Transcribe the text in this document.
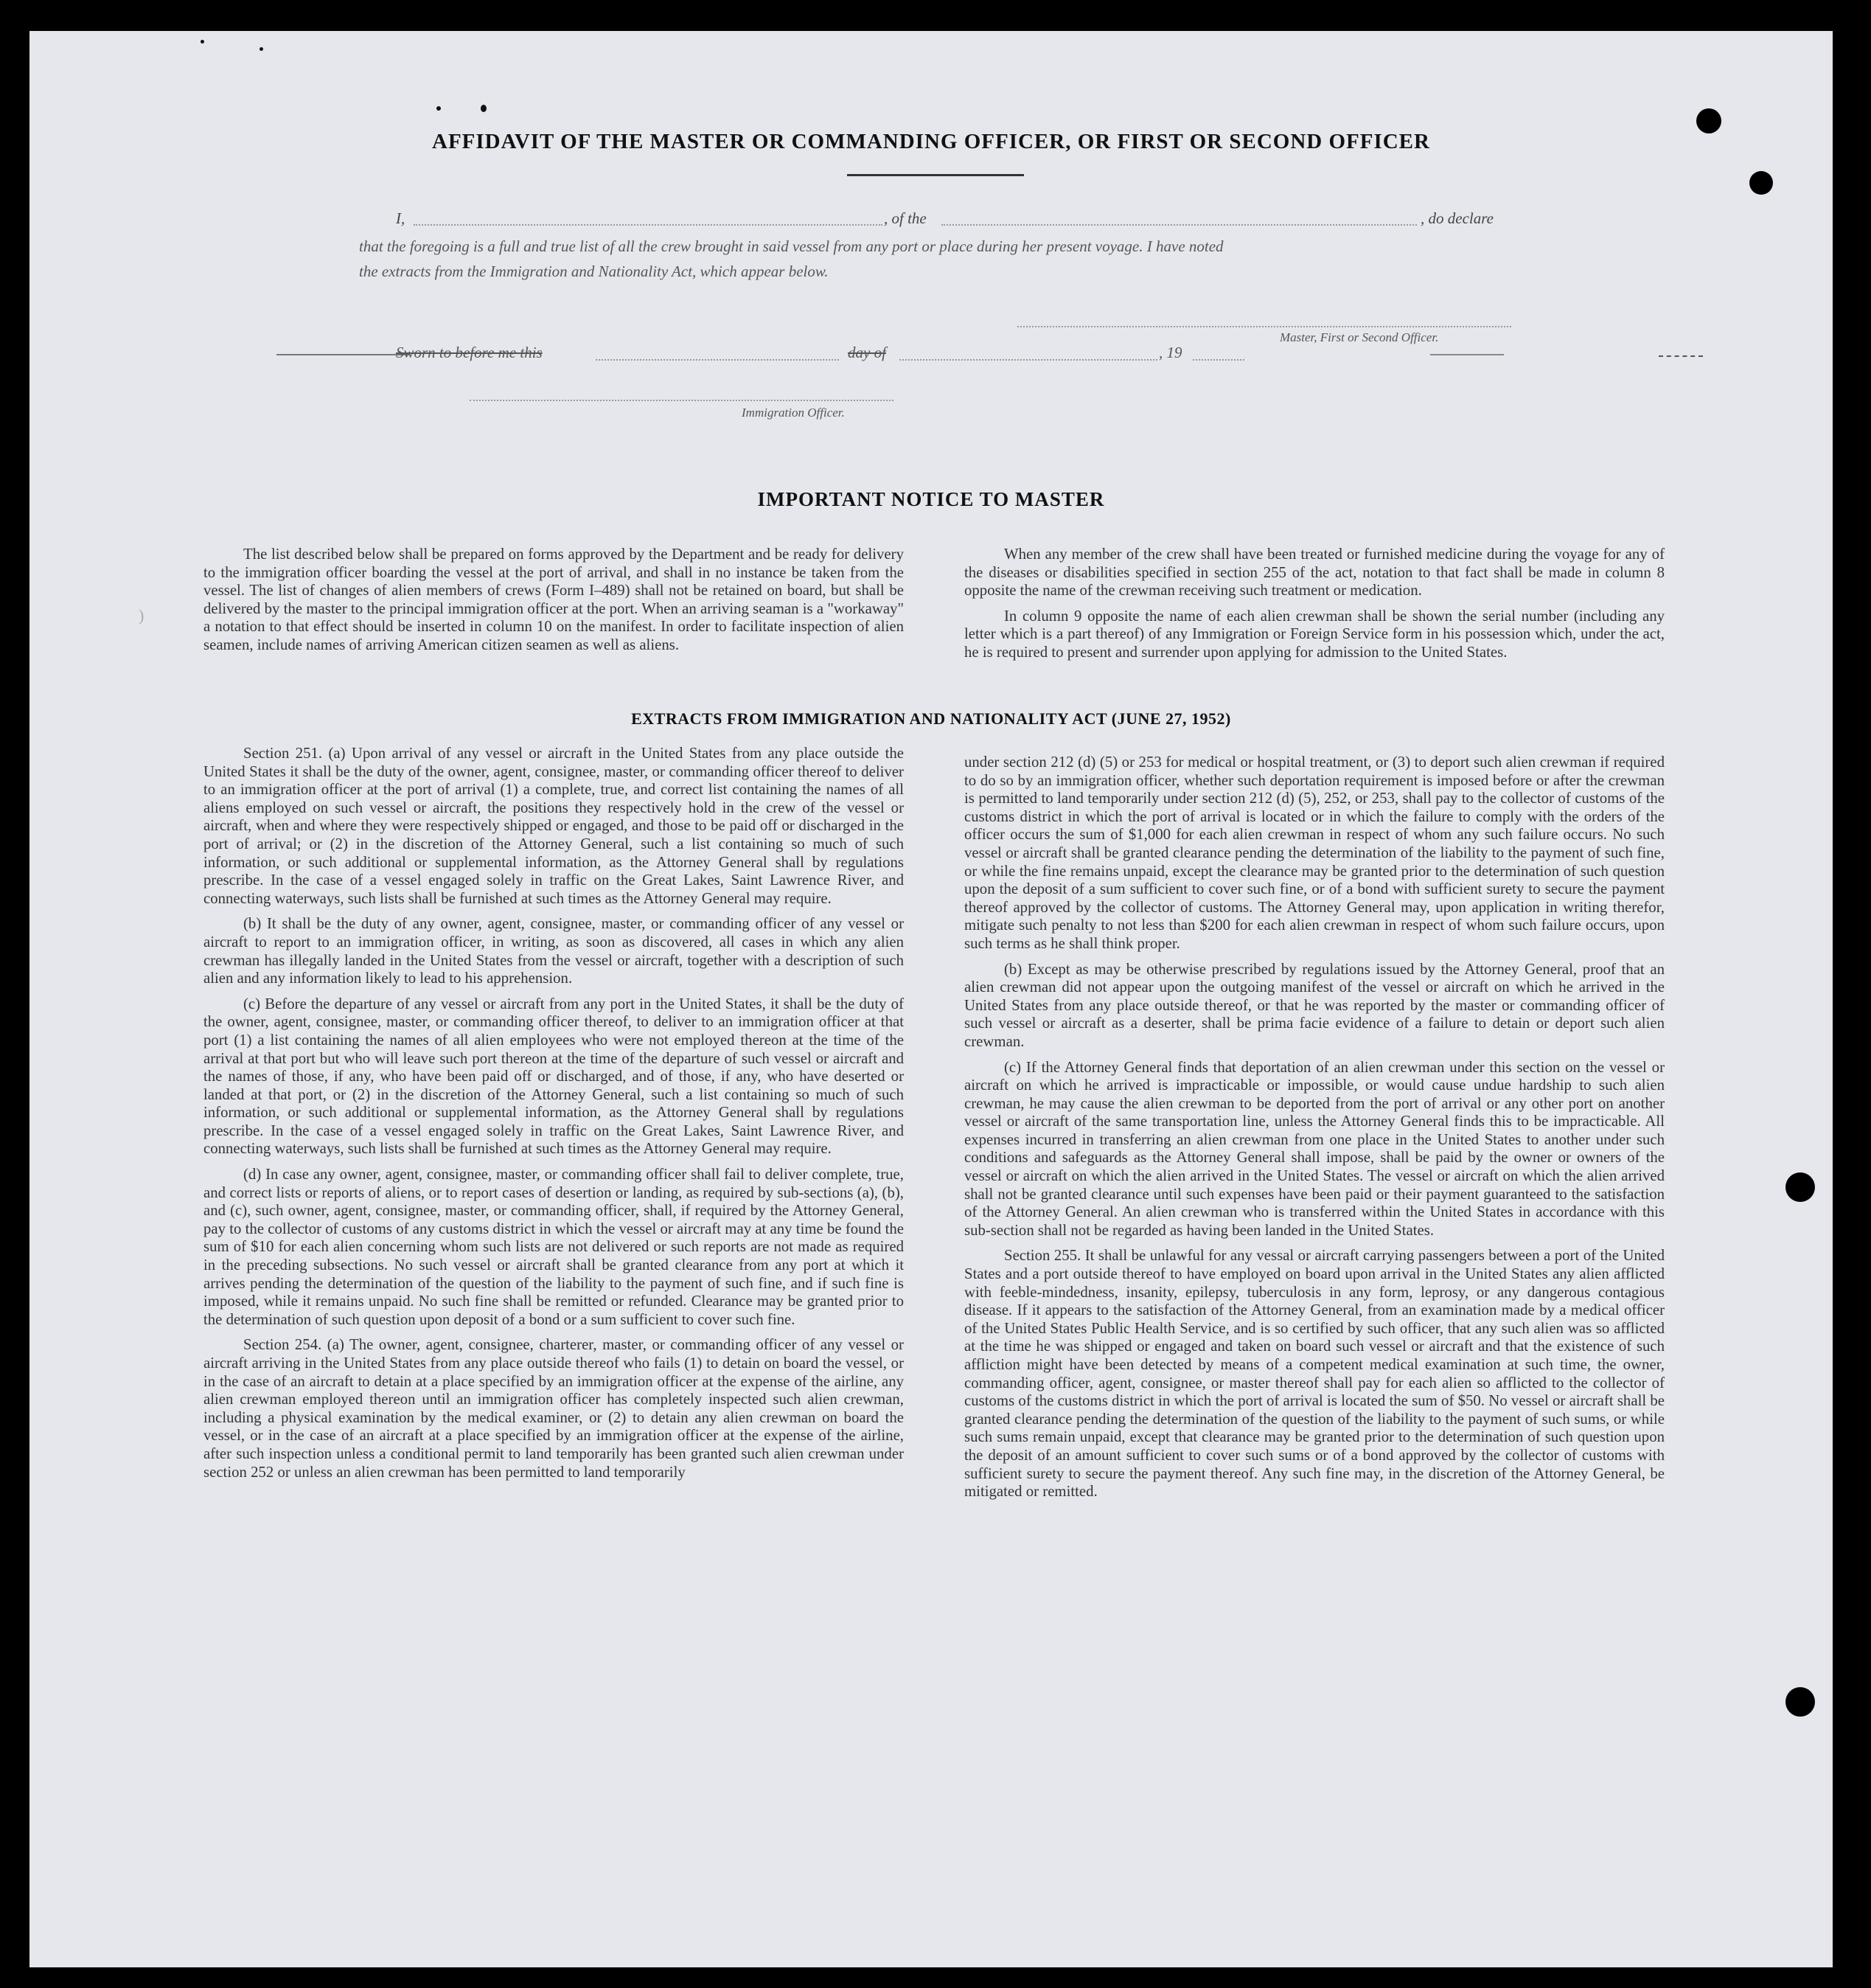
AFFIDAVIT OF THE MASTER OR COMMANDING OFFICER, OR FIRST OR SECOND OFFICER
I,	, of the	, do declare
that the foregoing is a full and true list of all the crew brought in said vessel from any port or place during her present voyage. I have noted
the extracts from the Immigration and Nationality Act, which appear below.
Master, First or Second Officer.
Sworn to before me this	day of	, 19
Immigration Officer.
IMPORTANT NOTICE TO MASTER

The list described below shall be prepared on forms approved by the Department and be ready for delivery to the immigration officer boarding the vessel at the port of arrival, and shall in no instance be taken from the vessel. The list of changes of alien members of crews (Form I–489) shall not be retained on board, but shall be delivered by the master to the principal immigration officer at the port. When an arriving seaman is a "workaway" a notation to that effect should be inserted in column 10 on the manifest. In order to facilitate inspection of alien seamen, include names of arriving American citizen seamen as well as aliens.

When any member of the crew shall have been treated or furnished medicine during the voyage for any of the diseases or disabilities specified in section 255 of the act, notation to that fact shall be made in column 8 opposite the name of the crewman receiving such treatment or medication.

In column 9 opposite the name of each alien crewman shall be shown the serial number (including any letter which is a part thereof) of any Immigration or Foreign Service form in his possession which, under the act, he is required to present and surrender upon applying for admission to the United States.

EXTRACTS FROM IMMIGRATION AND NATIONALITY ACT (JUNE 27, 1952)

Section 251. (a) Upon arrival of any vessel or aircraft in the United States from any place outside the United States it shall be the duty of the owner, agent, consignee, master, or commanding officer thereof to deliver to an immigration officer at the port of arrival (1) a complete, true, and correct list containing the names of all aliens employed on such vessel or aircraft, the positions they respectively hold in the crew of the vessel or aircraft, when and where they were respectively shipped or engaged, and those to be paid off or discharged in the port of arrival; or (2) in the discretion of the Attorney General, such a list containing so much of such information, or such additional or supplemental information, as the Attorney General shall by regulations prescribe. In the case of a vessel engaged solely in traffic on the Great Lakes, Saint Lawrence River, and connecting waterways, such lists shall be furnished at such times as the Attorney General may require.

(b) It shall be the duty of any owner, agent, consignee, master, or commanding officer of any vessel or aircraft to report to an immigration officer, in writing, as soon as discovered, all cases in which any alien crewman has illegally landed in the United States from the vessel or aircraft, together with a description of such alien and any information likely to lead to his apprehension.

(c) Before the departure of any vessel or aircraft from any port in the United States, it shall be the duty of the owner, agent, consignee, master, or commanding officer thereof, to deliver to an immigration officer at that port (1) a list containing the names of all alien employees who were not employed thereon at the time of the arrival at that port but who will leave such port thereon at the time of the departure of such vessel or aircraft and the names of those, if any, who have been paid off or discharged, and of those, if any, who have deserted or landed at that port, or (2) in the discretion of the Attorney General, such a list containing so much of such information, or such additional or supplemental information, as the Attorney General shall by regulations prescribe. In the case of a vessel engaged solely in traffic on the Great Lakes, Saint Lawrence River, and connecting waterways, such lists shall be furnished at such times as the Attorney General may require.

(d) In case any owner, agent, consignee, master, or commanding officer shall fail to deliver complete, true, and correct lists or reports of aliens, or to report cases of desertion or landing, as required by sub-sections (a), (b), and (c), such owner, agent, consignee, master, or commanding officer, shall, if required by the Attorney General, pay to the collector of customs of any customs district in which the vessel or aircraft may at any time be found the sum of $10 for each alien concerning whom such lists are not delivered or such reports are not made as required in the preceding subsections. No such vessel or aircraft shall be granted clearance from any port at which it arrives pending the determination of the question of the liability to the payment of such fine, and if such fine is imposed, while it remains unpaid. No such fine shall be remitted or refunded. Clearance may be granted prior to the determination of such question upon deposit of a bond or a sum sufficient to cover such fine.

Section 254. (a) The owner, agent, consignee, charterer, master, or commanding officer of any vessel or aircraft arriving in the United States from any place outside thereof who fails (1) to detain on board the vessel, or in the case of an aircraft to detain at a place specified by an immigration officer at the expense of the airline, any alien crewman employed thereon until an immigration officer has completely inspected such alien crewman, including a physical examination by the medical examiner, or (2) to detain any alien crewman on board the vessel, or in the case of an aircraft at a place specified by an immigration officer at the expense of the airline, after such inspection unless a conditional permit to land temporarily has been granted such alien crewman under section 252 or unless an alien crewman has been permitted to land temporarily

under section 212 (d) (5) or 253 for medical or hospital treatment, or (3) to deport such alien crewman if required to do so by an immigration officer, whether such deportation requirement is imposed before or after the crewman is permitted to land temporarily under section 212 (d) (5), 252, or 253, shall pay to the collector of customs of the customs district in which the port of arrival is located or in which the failure to comply with the orders of the officer occurs the sum of $1,000 for each alien crewman in respect of whom any such failure occurs. No such vessel or aircraft shall be granted clearance pending the determination of the liability to the payment of such fine, or while the fine remains unpaid, except the clearance may be granted prior to the determination of such question upon the deposit of a sum sufficient to cover such fine, or of a bond with sufficient surety to secure the payment thereof approved by the collector of customs. The Attorney General may, upon application in writing therefor, mitigate such penalty to not less than $200 for each alien crewman in respect of whom such failure occurs, upon such terms as he shall think proper.

(b) Except as may be otherwise prescribed by regulations issued by the Attorney General, proof that an alien crewman did not appear upon the outgoing manifest of the vessel or aircraft on which he arrived in the United States from any place outside thereof, or that he was reported by the master or commanding officer of such vessel or aircraft as a deserter, shall be prima facie evidence of a failure to detain or deport such alien crewman.

(c) If the Attorney General finds that deportation of an alien crewman under this section on the vessel or aircraft on which he arrived is impracticable or impossible, or would cause undue hardship to such alien crewman, he may cause the alien crewman to be deported from the port of arrival or any other port on another vessel or aircraft of the same transportation line, unless the Attorney General finds this to be impracticable. All expenses incurred in transferring an alien crewman from one place in the United States to another under such conditions and safeguards as the Attorney General shall impose, shall be paid by the owner or owners of the vessel or aircraft on which the alien arrived in the United States. The vessel or aircraft on which the alien arrived shall not be granted clearance until such expenses have been paid or their payment guaranteed to the satisfaction of the Attorney General. An alien crewman who is transferred within the United States in accordance with this sub-section shall not be regarded as having been landed in the United States.

Section 255. It shall be unlawful for any vessal or aircraft carrying passengers between a port of the United States and a port outside thereof to have employed on board upon arrival in the United States any alien afflicted with feeble-mindedness, insanity, epilepsy, tuberculosis in any form, leprosy, or any dangerous contagious disease. If it appears to the satisfaction of the Attorney General, from an examination made by a medical officer of the United States Public Health Service, and is so certified by such officer, that any such alien was so afflicted at the time he was shipped or engaged and taken on board such vessel or aircraft and that the existence of such affliction might have been detected by means of a competent medical examination at such time, the owner, commanding officer, agent, consignee, or master thereof shall pay for each alien so afflicted to the collector of customs of the customs district in which the port of arrival is located the sum of $50. No vessel or aircraft shall be granted clearance pending the determination of the question of the liability to the payment of such sums, or while such sums remain unpaid, except that clearance may be granted prior to the determination of such question upon the deposit of an amount sufficient to cover such sums or of a bond approved by the collector of customs with sufficient surety to secure the payment thereof. Any such fine may, in the discretion of the Attorney General, be mitigated or remitted.

)
